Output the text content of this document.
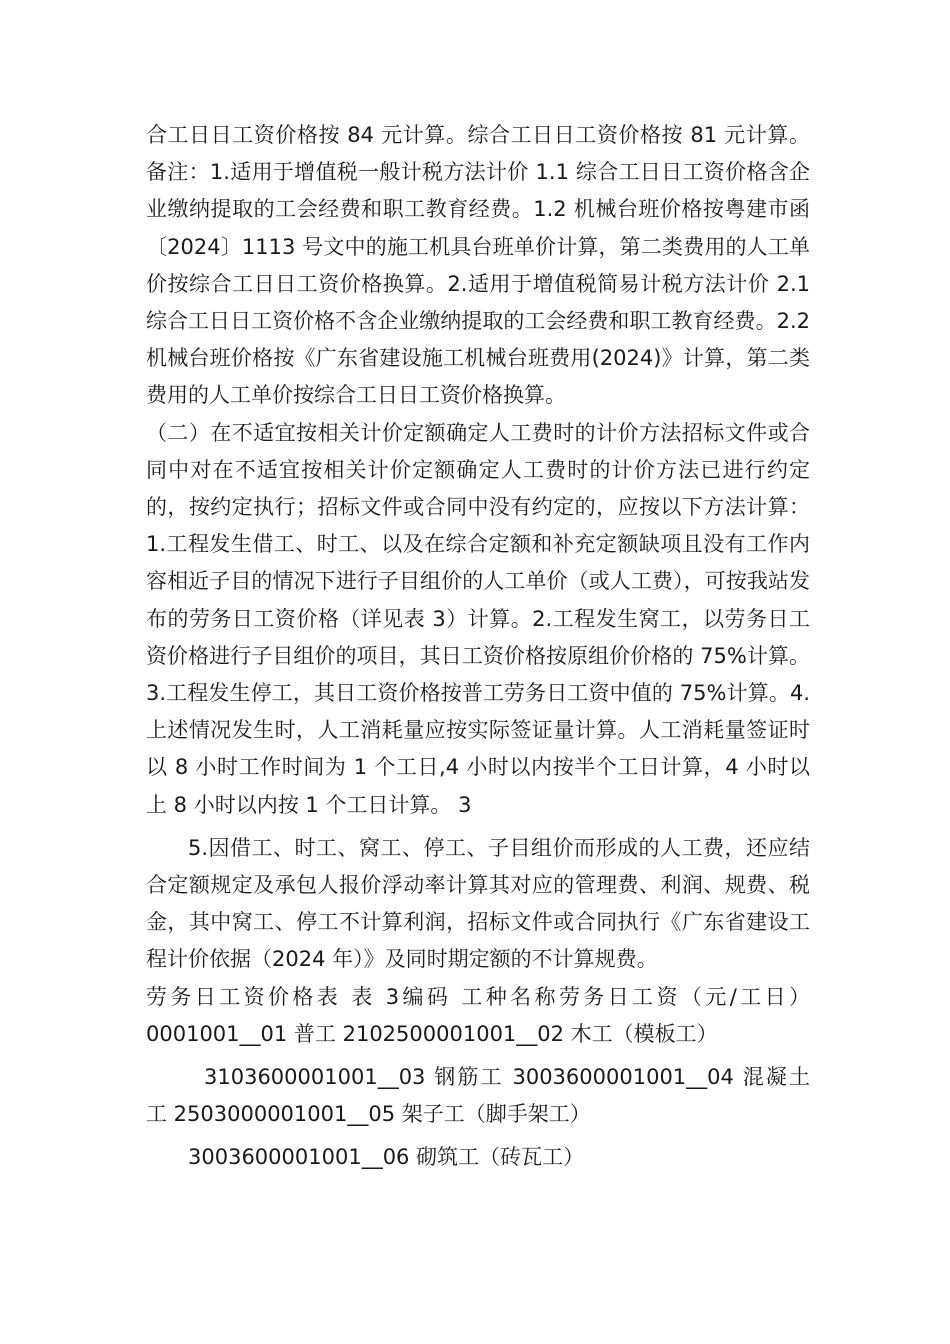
合工日日工资价格按 84 元计算。综合工日日工资价格按 81 元计算。备注：1.适用于增值税一般计税方法计价 1.1 综合工日日工资价格含企业缴纳提取的工会经费和职工教育经费。1.2 机械台班价格按粤建市函〔2024〕1113 号文中的施工机具台班单价计算，第二类费用的人工单价按综合工日日工资价格换算。2.适用于增值税简易计税方法计价 2.1 综合工日日工资价格不含企业缴纳提取的工会经费和职工教育经费。2.2 机械台班价格按《广东省建设施工机械台班费用(2024)》计算，第二类费用的人工单价按综合工日日工资价格换算。

（二）在不适宜按相关计价定额确定人工费时的计价方法招标文件或合同中对在不适宜按相关计价定额确定人工费时的计价方法已进行约定的，按约定执行；招标文件或合同中没有约定的，应按以下方法计算：1.工程发生借工、时工、以及在综合定额和补充定额缺项且没有工作内容相近子目的情况下进行子目组价的人工单价（或人工费），可按我站发布的劳务日工资价格（详见表 3）计算。2.工程发生窝工，以劳务日工资价格进行子目组价的项目，其日工资价格按原组价价格的 75%计算。3.工程发生停工，其日工资价格按普工劳务日工资中值的 75%计算。4.上述情况发生时，人工消耗量应按实际签证量计算。人工消耗量签证时以 8 小时工作时间为 1 个工日,4 小时以内按半个工日计算，4 小时以上 8 小时以内按 1 个工日计算。 3

5.因借工、时工、窝工、停工、子目组价而形成的人工费，还应结合定额规定及承包人报价浮动率计算其对应的管理费、利润、规费、税金，其中窝工、停工不计算利润，招标文件或合同执行《广东省建设工程计价依据（2024 年）》及同时期定额的不计算规费。

劳务日工资价格表 表 3编码 工种名称劳务日工资（元/工日）0001001__01 普工 2102500001001__02 木工（模板工）

3103600001001__03 钢筋工 3003600001001__04 混凝土工 2503000001001__05 架子工（脚手架工）

3003600001001__06 砌筑工（砖瓦工）
